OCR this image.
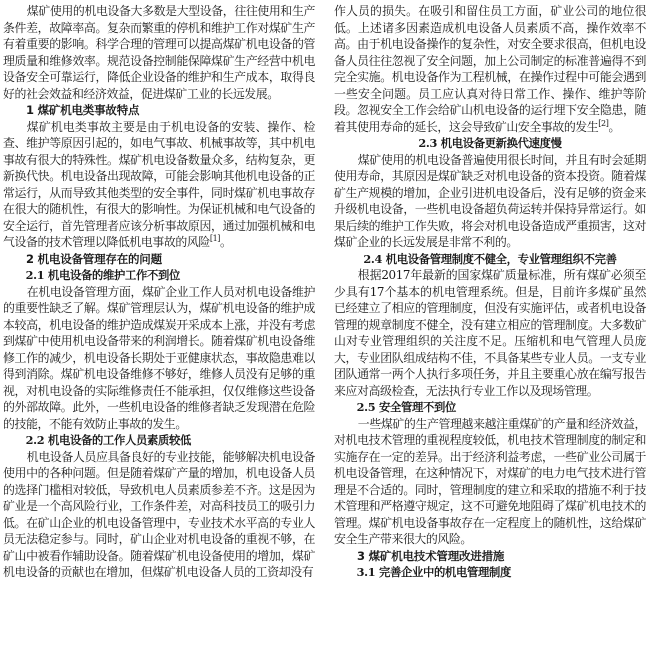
煤矿使用的机电设备大多数是大型设备，往往使用和生产条件差，故障率高。复杂而繁重的停机和维护工作对煤矿生产有着重要的影响。科学合理的管理可以提高煤矿机电设备的管理质量和维修效率。规范设备控制能保障煤矿生产经营中机电设备安全可靠运行，降低企业设备的维护和生产成本，取得良好的社会效益和经济效益，促进煤矿工业的长远发展。

1 煤矿机电类事故特点

煤矿机电类事故主要是由于机电设备的安装、操作、检查、维护等原因引起的，如电气事故、机械事故等，其中机电事故有很大的特殊性。煤矿机电设备数量众多，结构复杂，更新换代快。机电设备出现故障，可能会影响其他机电设备的正常运行，从而导致其他类型的安全事件，同时煤矿机电事故存在很大的随机性，有很大的影响性。为保证机械和电气设备的安全运行，首先管理者应该分析事故原因，通过加强机械和电气设备的技术管理以降低机电事故的风险[1]。

2 机电设备管理存在的问题

2.1 机电设备的维护工作不到位

在机电设备管理方面，煤矿企业工作人员对机电设备维护的重要性缺乏了解。煤矿管理层认为，煤矿机电设备的维护成本较高，机电设备的维护造成煤炭开采成本上涨，并没有考虑到煤矿中使用机电设备带来的利润增长。随着煤矿机电设备维修工作的减少，机电设备长期处于亚健康状态，事故隐患难以得到消除。煤矿机电设备维修不够好，维修人员没有足够的重视，对机电设备的实际维修责任不能承担，仅仅维修这些设备的外部故障。此外，一些机电设备的维修者缺乏发现潜在危险的技能，不能有效防止事故的发生。

2.2 机电设备的工作人员素质较低

机电设备人员应具备良好的专业技能，能够解决机电设备使用中的各种问题。但是随着煤矿产量的增加，机电设备人员的选择门槛相对较低，导致机电人员素质参差不齐。这是因为矿业是一个高风险行业，工作条件差，对高科技员工的吸引力低。在矿山企业的机电设备管理中，专业技术水平高的专业人员无法稳定参与。同时，矿山企业对机电设备的重视不够，在矿山中被看作辅助设备。随着煤矿机电设备使用的增加，煤矿机电设备的贡献也在增加，但煤矿机电设备人员的工资却没有

作人员的损失。在吸引和留住员工方面，矿业公司的地位很低。上述诸多因素造成机电设备人员素质不高，操作效率不高。由于机电设备操作的复杂性，对安全要求很高，但机电设备人员往往忽视了安全问题，加上公司制定的标准普遍得不到完全实施。机电设备作为工程机械，在操作过程中可能会遇到一些安全问题。员工应认真对待日常工作、操作、维护等阶段。忽视安全工作会给矿山机电设备的运行埋下安全隐患，随着其使用寿命的延长，这会导致矿山安全事故的发生[2]。

2.3 机电设备更新换代速度慢

煤矿使用的机电设备普遍使用很长时间，并且有时会延期使用寿命，其原因是煤矿缺乏对机电设备的资本投资。随着煤矿生产规模的增加，企业引进机电设备后，没有足够的资金来升级机电设备，一些机电设备超负荷运转并保持异常运行。如果后续的维护工作失败，将会对机电设备造成严重损害，这对煤矿企业的长远发展是非常不利的。

2.4 机电设备管理制度不健全，专业管理组织不完善

根据2017年最新的国家煤矿质量标准，所有煤矿必须至少具有17个基本的机电管理系统。但是，目前许多煤矿虽然已经建立了相应的管理制度，但没有实施评估，或者机电设备管理的规章制度不健全，没有建立相应的管理制度。大多数矿山对专业管理组织的关注度不足。压缩机和电气管理人员庞大，专业团队组成结构不佳，不具备某些专业人员。一支专业团队通常一两个人执行多项任务，并且主要重心放在编写报告来应对高级检查，无法执行专业工作以及现场管理。

2.5 安全管理不到位

一些煤矿的生产管理越来越注重煤矿的产量和经济效益，对机电技术管理的重视程度较低，机电技术管理制度的制定和实施存在一定的差异。出于经济利益考虑，一些矿业公司属于机电设备管理，在这种情况下，对煤矿的电力电气技术进行管理是不合适的。同时，管理制度的建立和采取的措施不利于技术管理和严格遵守规定，这不可避免地阻碍了煤矿机电技术的管理。煤矿机电设备事故存在一定程度上的随机性，这给煤矿安全生产带来很大的风险。

3 煤矿机电技术管理改进措施

3.1 完善企业中的机电管理制度
